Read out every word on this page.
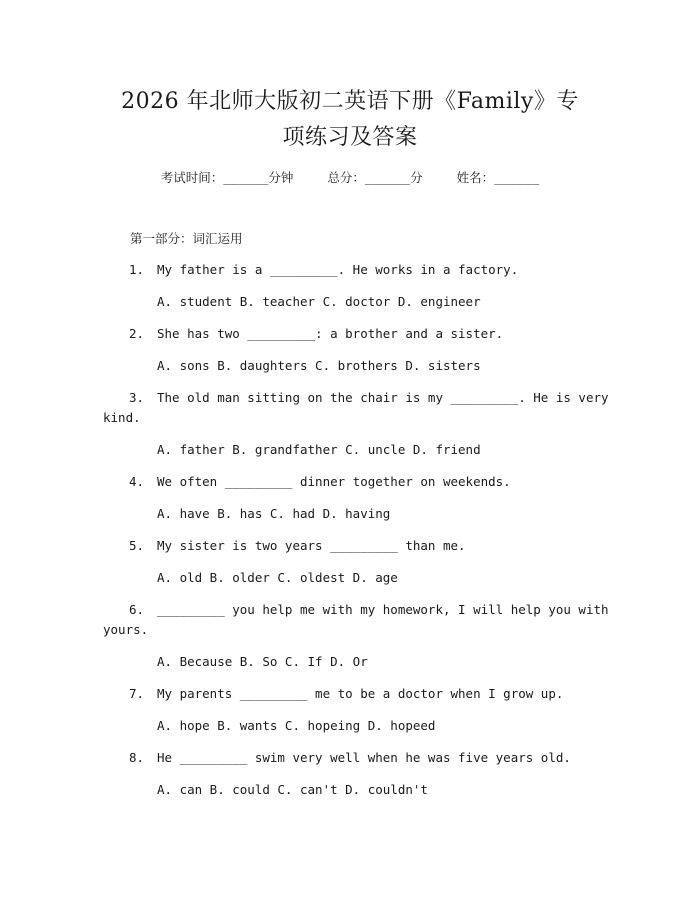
2026 年北师大版初二英语下册《Family》专
项练习及答案
考试时间：______分钟	总分：______分	姓名：______
第一部分：词汇运用
1. My father is a _________. He works in a factory.
A. student B. teacher C. doctor D. engineer
2. She has two _________: a brother and a sister.
A. sons B. daughters C. brothers D. sisters
3. The old man sitting on the chair is my _________. He is very
kind.
A. father B. grandfather C. uncle D. friend
4. We often _________ dinner together on weekends.
A. have B. has C. had D. having
5. My sister is two years _________ than me.
A. old B. older C. oldest D. age
6. _________ you help me with my homework, I will help you with
yours.
A. Because B. So C. If D. Or
7. My parents _________ me to be a doctor when I grow up.
A. hope B. wants C. hopeing D. hopeed
8. He _________ swim very well when he was five years old.
A. can B. could C. can't D. couldn't
